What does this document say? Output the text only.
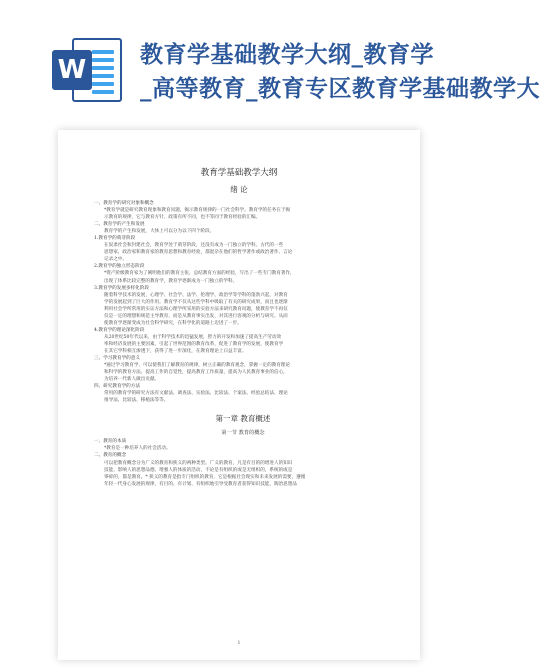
W 教育学基础教学大纲_教育学
_高等教育_教育专区教育学基础教学大
教育学基础教学大纲
绪 论
一、教育学的研究对象和概念
*教育学就是研究教育现象和教育问题，揭示教育规律的一门社会科学。教育学的任务在于揭
示教育的规律，它与教育方针、政策有所不同，也不等同于教育经验的汇编。
二、教育学的产生和发展
教育学的产生和发展，大体上可以分为以下四个阶段。
1.教育学的萌芽阶段
在奴隶社会和封建社会，教育学处于萌芽阶段，还没有成为一门独立的学科。古代的一些
思想家、政治家和教育家的教育思想和教育经验，都混杂在他们的哲学著作或政治著作、言论
记录之中。
2.教育学的独立形态阶段
*资产阶级教育家为了阐明他们的教育主张，总结教育方面的经验，写出了一些专门教育著作，
出现了体系比较完整的教育学，教育学逐渐成为一门独立的学科。
3.教育学的发展多样化阶段
随着科学技术的发展，心理学、社会学、法学、伦理学、政治学等学科的蓬勃兴起，对教育
学的发展起到了巨大的作用。教育学不仅从这些学科中吸取了有关的研究成果，而且也逐渐
利用社会学所常用的实证方法和心理学所采用的实验方法来研究教育问题，使教育学不再仅
仅是一定的理想和规范主导教育，而是从教育事实出发，对其进行客观的分析与研究。从而
使教育学逐渐变成为社会科学研究，在科学化的道路上迈进了一步。
4.教育学的理论深化阶段
从20世纪50年代以来，由于科学技术的迅猛发展，智力的开发和加速了提高生产劳动效
率和经济发展的主要因素，引起了世界范围的教育改革，促进了教育学的发展，使教育学
在其它学科相互渗透下，获得了进一步深化，在教育理论上日益丰富。
三、学习教育学的意义
*通过学习教育学，可以使我们了解教育的规律，树立正确的教育观念，掌握一定的教育理论
和科学的教育方法，提高工作的自觉性，提高教育工作质量，提高为人民教育事业的信心，
为培养一代新人做出贡献。
四、研究教育学的方法
常用的教育学的研究方法有文献法、调查法、实验法、比较法、个案法、经验总结法、理论
推导法、比较法、移植法等等。
第一章 教育概述
第一节 教育的概念
一、教育的本质
*教育是一种培养人的社会活动。
二、教育的概念
可以把教育概念分为广义的教育和狭义的两种类型。广义的教育，凡是有目的的增进人的知识
技能、影响人的思想品德、增强人的体质的活动，不论是有组织的或是无组织的，系统的或是
零碎的，都是教育。* 狭义的教育是指专门组织的教育，它是根据社会现实和未来发展的需要，遵循
年轻一代身心发展的规律，有目的、有计划、有组织地引导受教育者获得知识技能，陶冶思想品
1
